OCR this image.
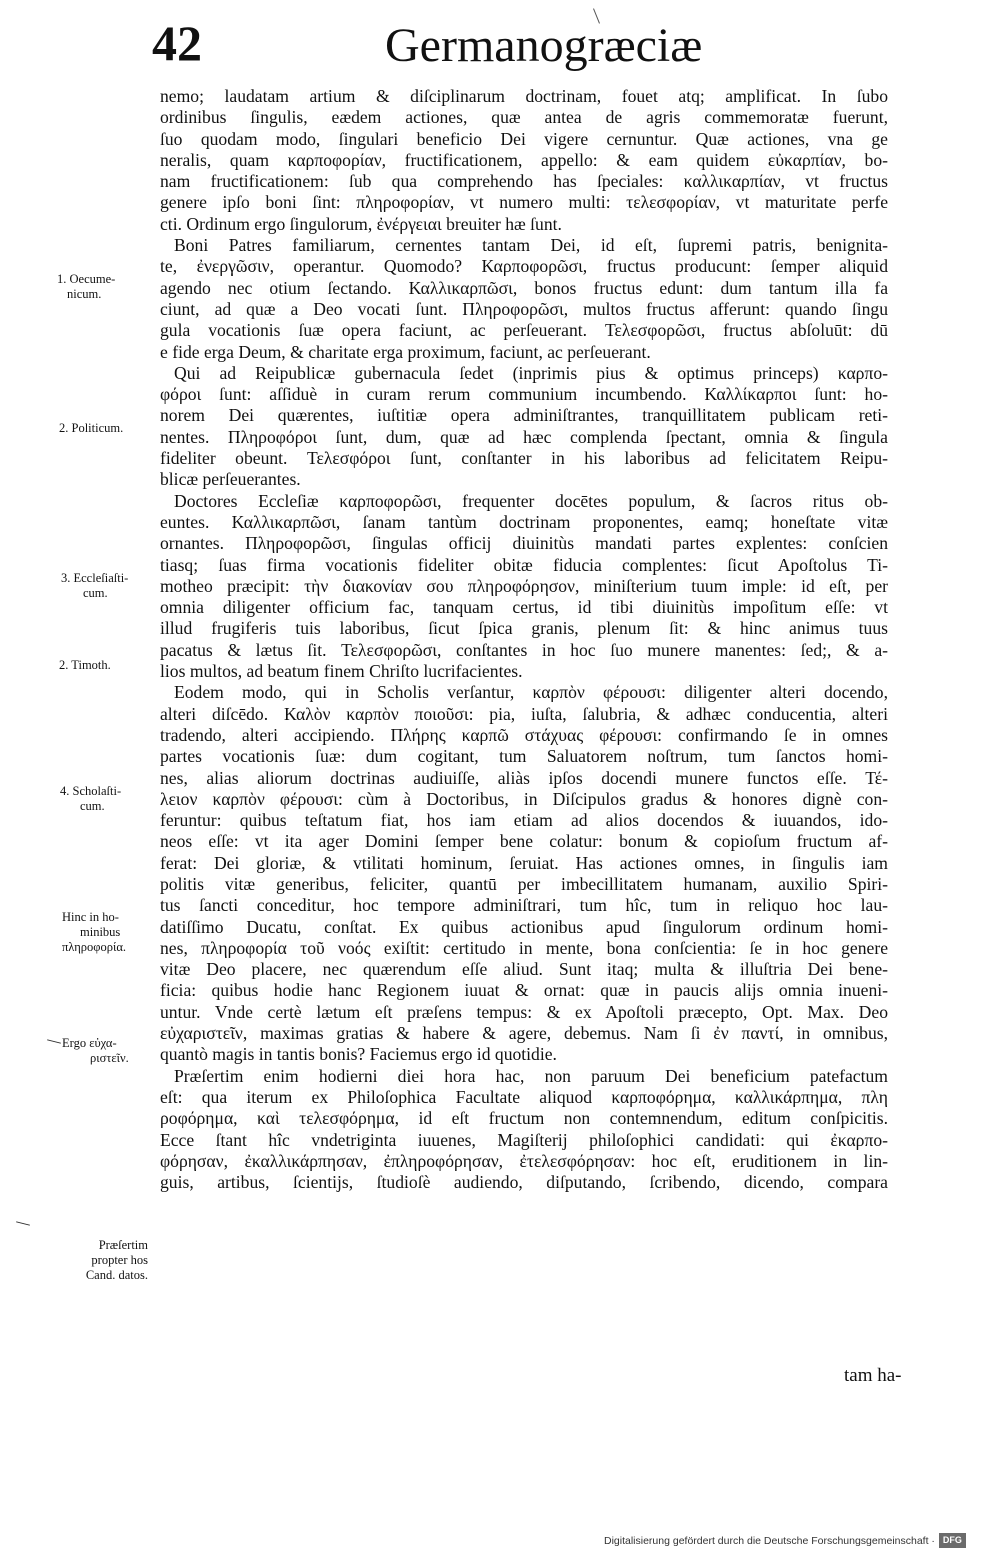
42	Germanogræciæ
nemo; laudatam artium & diſciplinarum doctrinam, fouet atq; amplificat. In ſubo
ordinibus ſingulis, eædem actiones, quæ antea de agris commemoratæ fuerunt,
ſuo quodam modo, ſingulari beneficio Dei vigere cernuntur. Quæ actiones, vna ge
neralis, quam καρποφορίαν, fructificationem, appello: & eam quidem εὐκαρπίαν, bo-
nam fructificationem: ſub qua comprehendo has ſpeciales: καλλικαρπίαν, vt fructus
genere ipſo boni ſint: πληροφορίαν, vt numero multi: τελεσφορίαν, vt maturitate perfe
cti. Ordinum ergo ſingulorum, ἐνέργειαι breuiter hæ ſunt.
Boni Patres familiarum, cernentes tantam Dei, id eſt, ſupremi patris, benignita-
te, ἐνεργῶσιν, operantur. Quomodo? Καρποφορῶσι, fructus producunt: ſemper aliquid
agendo nec otium ſectando. Καλλικαρπῶσι, bonos fructus edunt: dum tantum illa fa
ciunt, ad quæ a Deo vocati ſunt. Πληροφορῶσι, multos fructus afferunt: quando ſingu
gula vocationis ſuæ opera faciunt, ac perſeuerant. Τελεσφορῶσι, fructus abſoluūt: dū
e fide erga Deum, & charitate erga proximum, faciunt, ac perſeuerant.
Qui ad Reipublicæ gubernacula ſedet (inprimis pius & optimus princeps) καρπο-
φόροι ſunt: aſſiduè in curam rerum communium incumbendo. Καλλίκαρποι ſunt: ho-
norem Dei quærentes, iuſtitiæ opera adminiſtrantes, tranquillitatem publicam reti-
nentes. Πληροφόροι ſunt, dum, quæ ad hæc complenda ſpectant, omnia & ſingula
fideliter obeunt. Τελεσφόροι ſunt, conſtanter in his laboribus ad felicitatem Reipu-
blicæ perſeuerantes.
Doctores Eccleſiæ καρποφορῶσι, frequenter docētes populum, & ſacros ritus ob-
euntes. Καλλικαρπῶσι, ſanam tantùm doctrinam proponentes, eamq; honeſtate vitæ
ornantes. Πληροφορῶσι, ſingulas officij diuinitùs mandati partes explentes: conſcien
tiasq; ſuas firma vocationis fideliter obitæ fiducia complentes: ſicut Apoſtolus Ti-
motheo præcipit: τὴν διακονίαν σου πληροφόρησον, miniſterium tuum imple: id eſt, per
omnia diligenter officium fac, tanquam certus, id tibi diuinitùs impoſitum eſſe: vt
illud frugiferis tuis laboribus, ſicut ſpica granis, plenum ſit: & hinc animus tuus
pacatus & lætus ſit. Τελεσφορῶσι, conſtantes in hoc ſuo munere manentes: ſed;, & a-
lios multos, ad beatum finem Chriſto lucrifacientes.
Eodem modo, qui in Scholis verſantur, καρπὸν φέρουσι: diligenter alteri docendo,
alteri diſcēdo. Καλὸν καρπὸν ποιοῦσι: pia, iuſta, ſalubria, & adhæc conducentia, alteri
tradendo, alteri accipiendo. Πλήρης καρπῶ στάχυας φέρουσι: confirmando ſe in omnes
partes vocationis ſuæ: dum cogitant, tum Saluatorem noſtrum, tum ſanctos homi-
nes, alias aliorum doctrinas audiuiſſe, aliàs ipſos docendi munere functos eſſe. Τέ-
λειον καρπὸν φέρουσι: cùm à Doctoribus, in Diſcipulos gradus & honores dignè con-
feruntur: quibus teſtatum fiat, hos iam etiam ad alios docendos & iuuandos, ido-
neos eſſe: vt ita ager Domini ſemper bene colatur: bonum & copioſum fructum af-
ferat: Dei gloriæ, & vtilitati hominum, ſeruiat. Has actiones omnes, in ſingulis iam
politis vitæ generibus, feliciter, quantū per imbecillitatem humanam, auxilio Spiri-
tus ſancti conceditur, hoc tempore adminiſtrari, tum hîc, tum in reliquo hoc lau-
datiſſimo Ducatu, conſtat. Ex quibus actionibus apud ſingulorum ordinum homi-
nes, πληροφορία τοῦ νοός exiſtit: certitudo in mente, bona conſcientia: ſe in hoc genere
vitæ Deo placere, nec quærendum eſſe aliud. Sunt itaq; multa & illuſtria Dei bene-
ficia: quibus hodie hanc Regionem iuuat & ornat: quæ in paucis alijs omnia inueni-
untur. Vnde certè lætum eſt præſens tempus: & ex Apoſtoli præcepto, Opt. Max. Deo
εὐχαριστεῖν, maximas gratias & habere & agere, debemus. Nam ſi ἐν παντί, in omnibus,
quantò magis in tantis bonis? Faciemus ergo id quotidie.
Præſertim enim hodierni diei hora hac, non paruum Dei beneficium patefactum
eſt: qua iterum ex Philoſophica Facultate aliquod καρποφόρημα, καλλικάρπημα, πλη
ροφόρημα, καὶ τελεσφόρημα, id eſt fructum non contemnendum, editum conſpicitis.
Ecce ſtant hîc vndetriginta iuuenes, Magiſterij philoſophici candidati: qui ἐκαρπο-
φόρησαν, ἐκαλλικάρπησαν, ἐπληροφόρησαν, ἐτελεσφόρησαν: hoc eſt, eruditionem in lin-
guis, artibus, ſcientijs, ſtudioſè audiendo, diſputando, ſcribendo, dicendo, compara
1. Oecume-
nicum.
2. Politicum.
3. Eccleſiaſti-
cum.
2. Timoth.
4. Scholaſti-
cum.
Hinc in ho-
minibus
πληροφορία.
Ergo εὐχα-
ριστεῖν.
Præſertim
propter hos
Cand. datos.
tam ha-
Digitalisierung gefördert durch die Deutsche Forschungsgemeinschaft · DFG
